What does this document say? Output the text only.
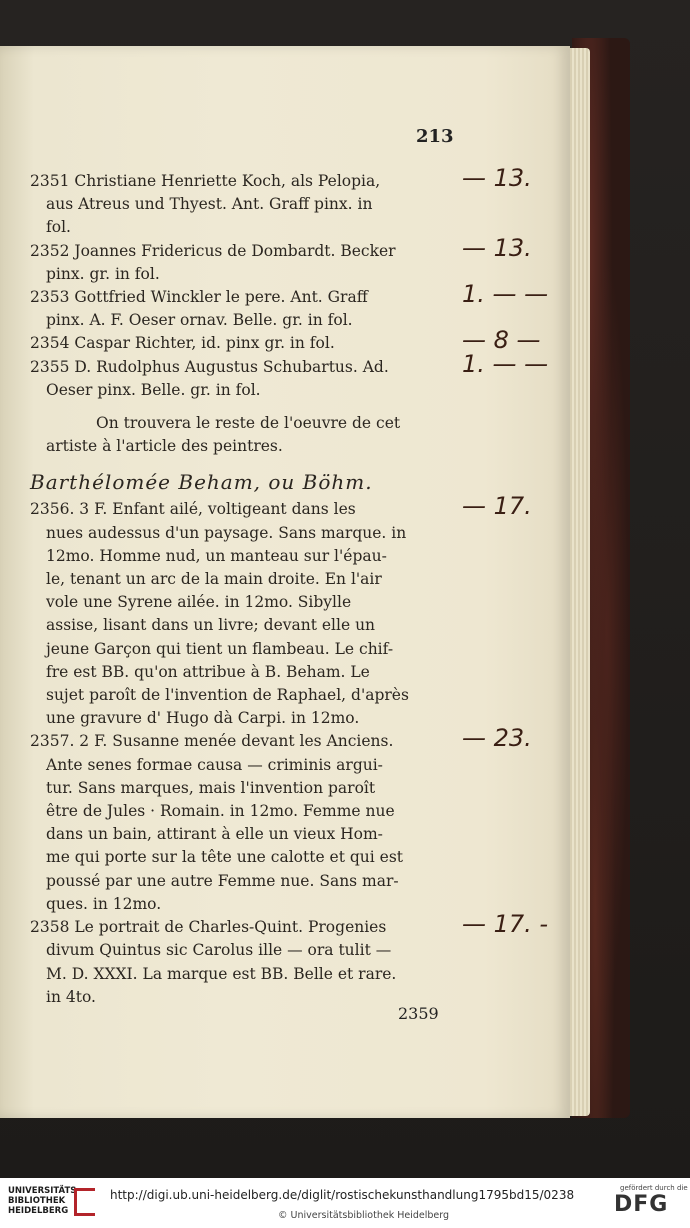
213
2351 Christiane Henriette Koch, als Pelopia,
aus Atreus und Thyest. Ant. Graff pinx. in
fol.
2352 Joannes Fridericus de Dombardt. Becker
pinx. gr. in fol.
2353 Gottfried Winckler le pere. Ant. Graff
pinx. A. F. Oeser ornav. Belle. gr. in fol.
2354 Caspar Richter, id. pinx gr. in fol.
2355 D. Rudolphus Augustus Schubartus. Ad.
Oeser pinx. Belle. gr. in fol.
On trouvera le reste de l'oeuvre de cet
artiste à l'article des peintres.
Barthélomée Beham, ou Böhm.
2356. 3 F. Enfant ailé, voltigeant dans les
nues audessus d'un paysage. Sans marque. in
12mo. Homme nud, un manteau sur l'épau-
le, tenant un arc de la main droite. En l'air
vole une Syrene ailée. in 12mo. Sibylle
assise, lisant dans un livre; devant elle un
jeune Garçon qui tient un flambeau. Le chif-
fre est BB. qu'on attribue à B. Beham. Le
sujet paroît de l'invention de Raphael, d'après
une gravure d' Hugo dà Carpi. in 12mo.
2357. 2 F. Susanne menée devant les Anciens.
Ante senes formae causa — criminis argui-
tur. Sans marques, mais l'invention paroît
être de Jules · Romain. in 12mo. Femme nue
dans un bain, attirant à elle un vieux Hom-
me qui porte sur la tête une calotte et qui est
poussé par une autre Femme nue. Sans mar-
ques. in 12mo.
2358 Le portrait de Charles-Quint. Progenies
divum Quintus sic Carolus ille — ora tulit —
M. D. XXXI. La marque est BB. Belle et rare.
in 4to.
2359
— 13.
— 13.
1. — —
— 8 —
1. — —
— 17.
— 23.
— 17. -
UNIVERSITÄTS-
BIBLIOTHEK
HEIDELBERG
http://digi.ub.uni-heidelberg.de/diglit/rostischekunsthandlung1795bd15/0238
© Universitätsbibliothek Heidelberg
gefördert durch die
DFG
